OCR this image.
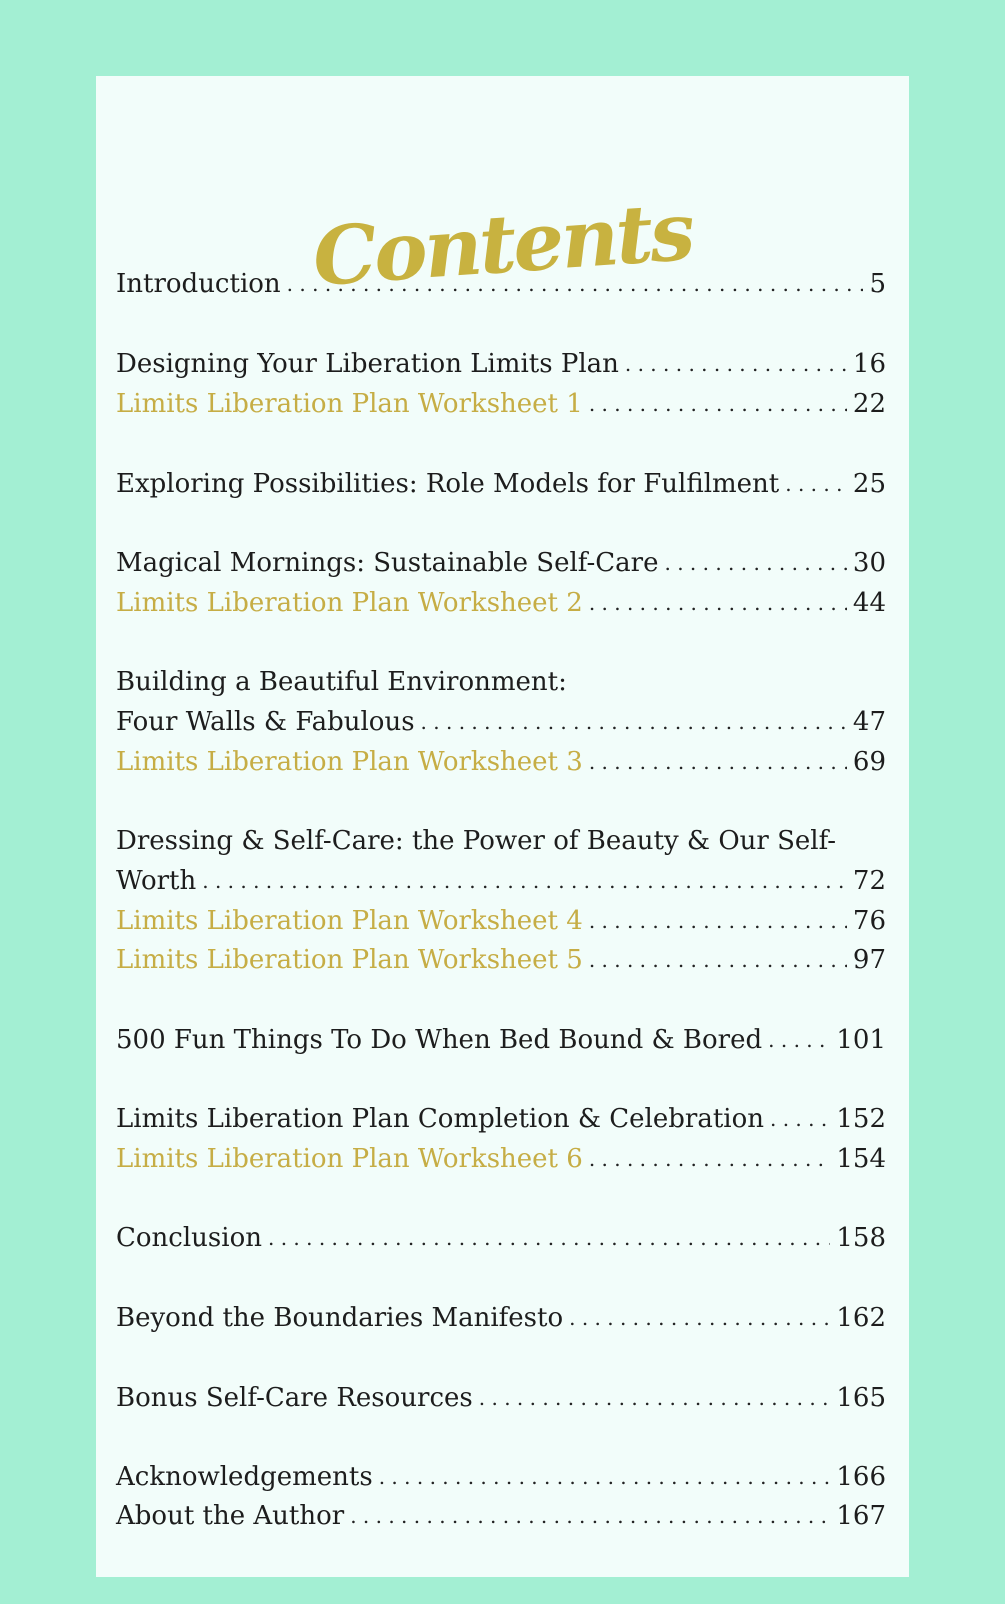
Contents
Introduction . . .	5
Designing Your Liberation Limits Plan . . .	16
Limits Liberation Plan Worksheet 1 . . .	22
Exploring Possibilities: Role Models for Fulfilment . . .	25
Magical Mornings: Sustainable Self-Care . . .	30
Limits Liberation Plan Worksheet 2 . . .	44
Building a Beautiful Environment:
Four Walls & Fabulous . . .	47
Limits Liberation Plan Worksheet 3 . . .	69
Dressing & Self-Care: the Power of Beauty & Our Self-
Worth . . .	72
Limits Liberation Plan Worksheet 4 . . .	76
Limits Liberation Plan Worksheet 5 . . .	97
500 Fun Things To Do When Bed Bound & Bored . . .	101
Limits Liberation Plan Completion & Celebration . . .	152
Limits Liberation Plan Worksheet 6 . . .	154
Conclusion . . .	158
Beyond the Boundaries Manifesto . . .	162
Bonus Self-Care Resources . . .	165
Acknowledgements . . .	166
About the Author . . .	167
